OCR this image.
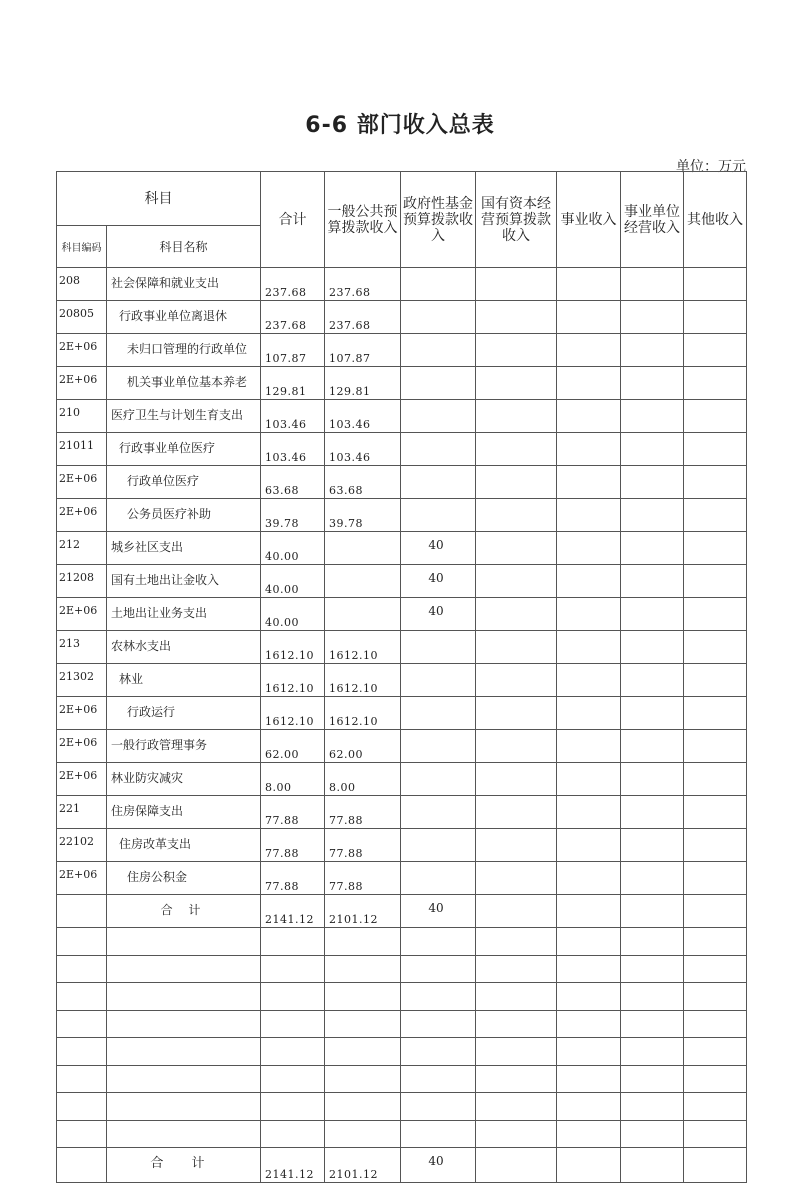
6-6 部门收入总表
单位：万元
科目		合计	一般公共预算拨款收入	政府性基金预算拨款收入	国有资本经营预算拨款收入	事业收入	事业单位经营收入	其他收入
科目编码	科目名称							
208	社会保障和就业支出	237.68	237.68					
20805	行政事业单位离退休	237.68	237.68					
2E+06	未归口管理的行政单位	107.87	107.87					
2E+06	机关事业单位基本养老	129.81	129.81					
210	医疗卫生与计划生育支出	103.46	103.46					
21011	行政事业单位医疗	103.46	103.46					
2E+06	行政单位医疗	63.68	63.68					
2E+06	公务员医疗补助	39.78	39.78					
212	城乡社区支出	40.00		40				
21208	国有土地出让金收入	40.00		40				
2E+06	土地出让业务支出	40.00		40				
213	农林水支出	1612.10	1612.10					
21302	林业	1612.10	1612.10					
2E+06	行政运行	1612.10	1612.10					
2E+06	一般行政管理事务	62.00	62.00					
2E+06	林业防灾减灾	8.00	8.00					
221	住房保障支出	77.88	77.88					
22102	住房改革支出	77.88	77.88					
2E+06	住房公积金	77.88	77.88					
	合 计	2141.12	2101.12	40				

	合 计	2141.12	2101.12	40				
